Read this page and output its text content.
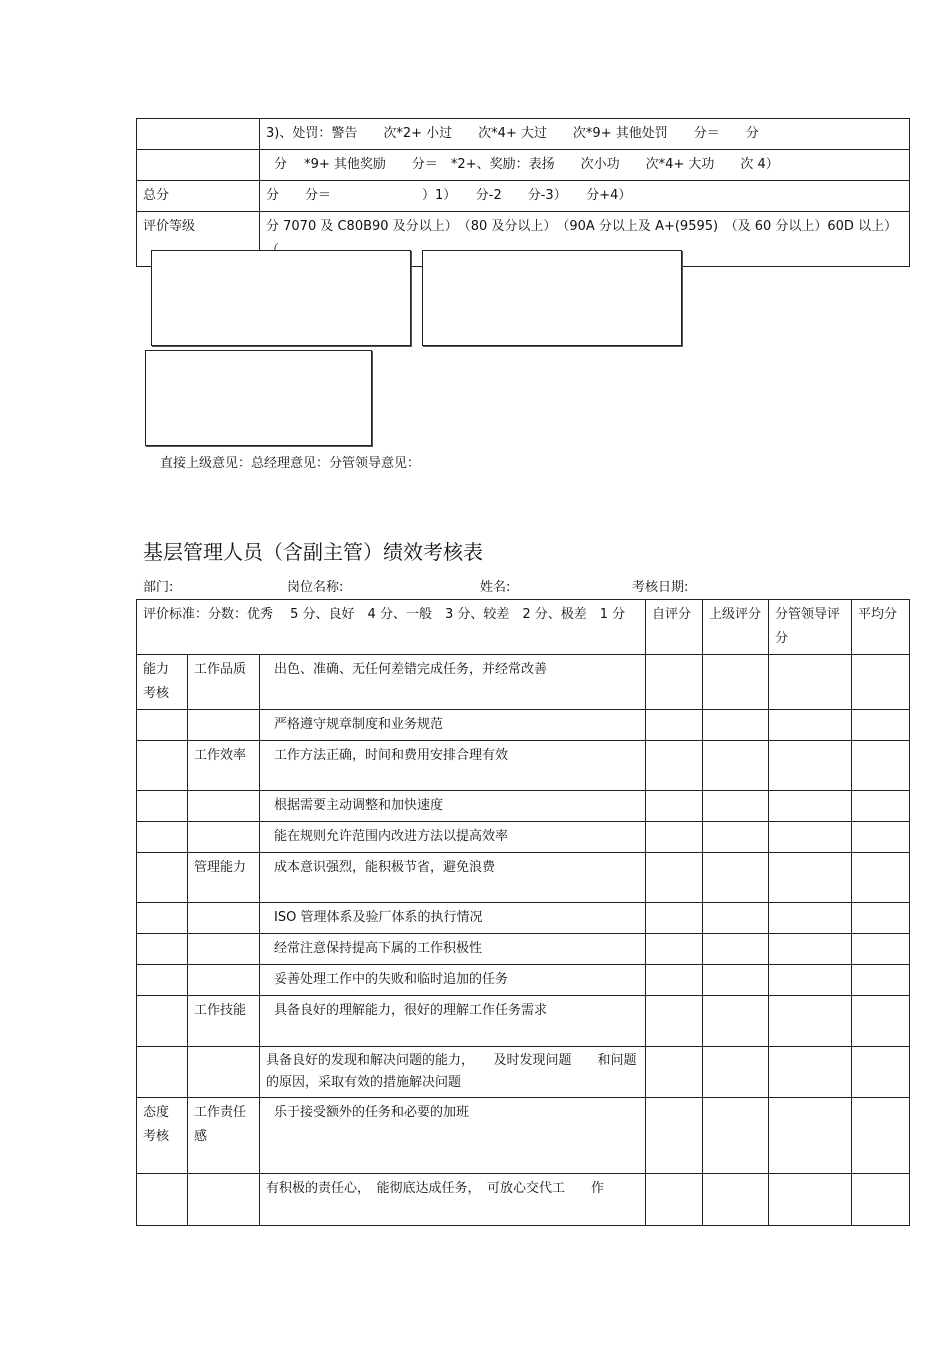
	3)、处罚：警告　　次*2+ 小过　　次*4+ 大过　　次*9+ 其他处罚　　分＝　　分
	分　 *9+ 其他奖励　　分＝　*2+、奖励：表扬　　次小功　　次*4+ 大功　　次 4）
总分	分　　分＝　　　　　　　）1）　　分-2　　分-3）　　分+4）
评价等级	分 7070 及 C80B90 及分以上）　（80 及分以上）　（90A 分以上及 A+(9595)　（及 60 分以上）60D 以上）　
直接上级意见：总经理意见：分管领导意见：
基层管理人员（含副主管）绩效考核表
部门:	岗位名称:	姓名:	考核日期:
评价标准：分数：优秀　 5 分、良好　4 分、一般　3 分、较差　2 分、极差　1 分			自评分	上级评分	分管领导评分	平均分
能力考核	工作品质	出色、准确、无任何差错完成任务，并经常改善				
		严格遵守规章制度和业务规范				
	工作效率	工作方法正确，时间和费用安排合理有效				
		根据需要主动调整和加快速度				
		能在规则允许范围内改进方法以提高效率				
	管理能力	成本意识强烈，能积极节省，避免浪费				
		ISO 管理体系及验厂体系的执行情况				
		经常注意保持提高下属的工作积极性				
		妥善处理工作中的失败和临时追加的任务				
	工作技能	具备良好的理解能力，很好的理解工作任务需求				
		具备良好的发现和解决问题的能力，　　及时发现问题　　和问题的原因，采取有效的措施解决问题				
态度考核	工作责任感	乐于接受额外的任务和必要的加班				
		有积极的责任心，　能彻底达成任务，　可放心交代工　　作				
